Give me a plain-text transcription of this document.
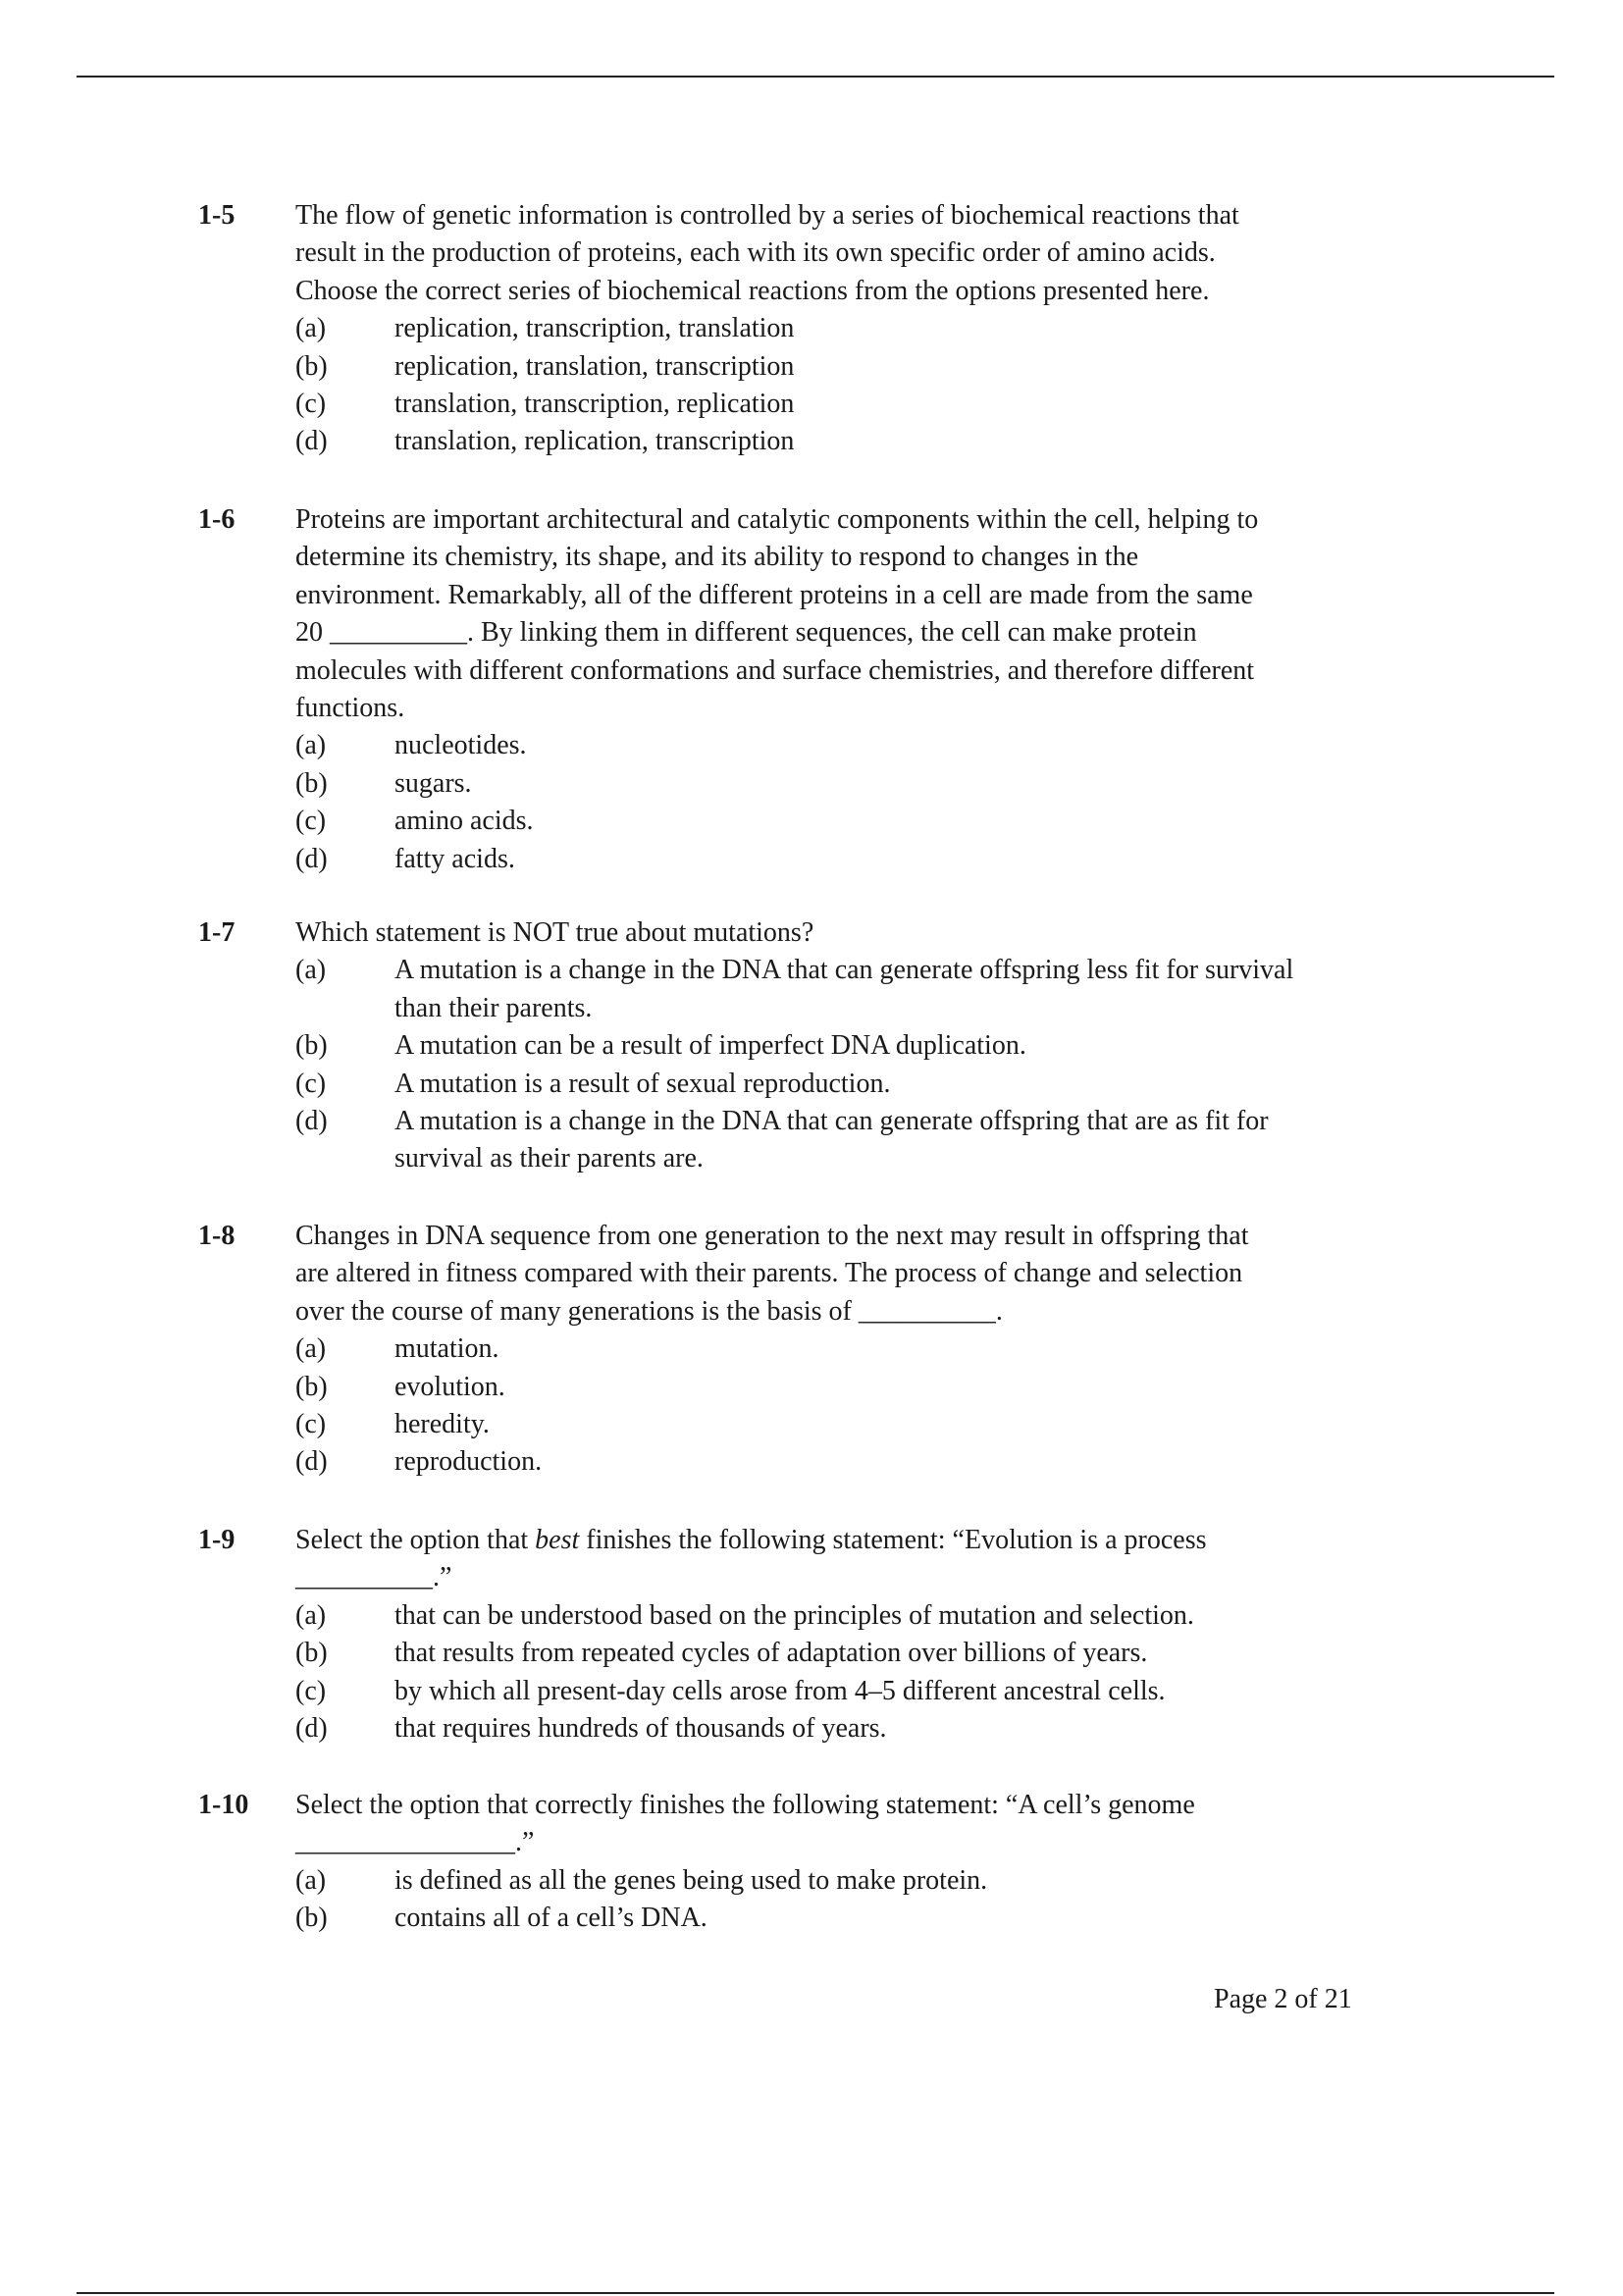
1-5 The flow of genetic information is controlled by a series of biochemical reactions that
result in the production of proteins, each with its own specific order of amino acids.
Choose the correct series of biochemical reactions from the options presented here.
(a) replication, transcription, translation
(b) replication, translation, transcription
(c) translation, transcription, replication
(d) translation, replication, transcription
1-6 Proteins are important architectural and catalytic components within the cell, helping to
determine its chemistry, its shape, and its ability to respond to changes in the
environment. Remarkably, all of the different proteins in a cell are made from the same
20 __________. By linking them in different sequences, the cell can make protein
molecules with different conformations and surface chemistries, and therefore different
functions.
(a) nucleotides.
(b) sugars.
(c) amino acids.
(d) fatty acids.
1-7 Which statement is NOT true about mutations?
(a) A mutation is a change in the DNA that can generate offspring less fit for survival
than their parents.
(b) A mutation can be a result of imperfect DNA duplication.
(c) A mutation is a result of sexual reproduction.
(d) A mutation is a change in the DNA that can generate offspring that are as fit for
survival as their parents are.
1-8 Changes in DNA sequence from one generation to the next may result in offspring that
are altered in fitness compared with their parents. The process of change and selection
over the course of many generations is the basis of __________.
(a) mutation.
(b) evolution.
(c) heredity.
(d) reproduction.
1-9 Select the option that best finishes the following statement: “Evolution is a process
__________.”
(a) that can be understood based on the principles of mutation and selection.
(b) that results from repeated cycles of adaptation over billions of years.
(c) by which all present-day cells arose from 4–5 different ancestral cells.
(d) that requires hundreds of thousands of years.
1-10 Select the option that correctly finishes the following statement: “A cell’s genome
________________.”
(a) is defined as all the genes being used to make protein.
(b) contains all of a cell’s DNA.
Page 2 of 21
